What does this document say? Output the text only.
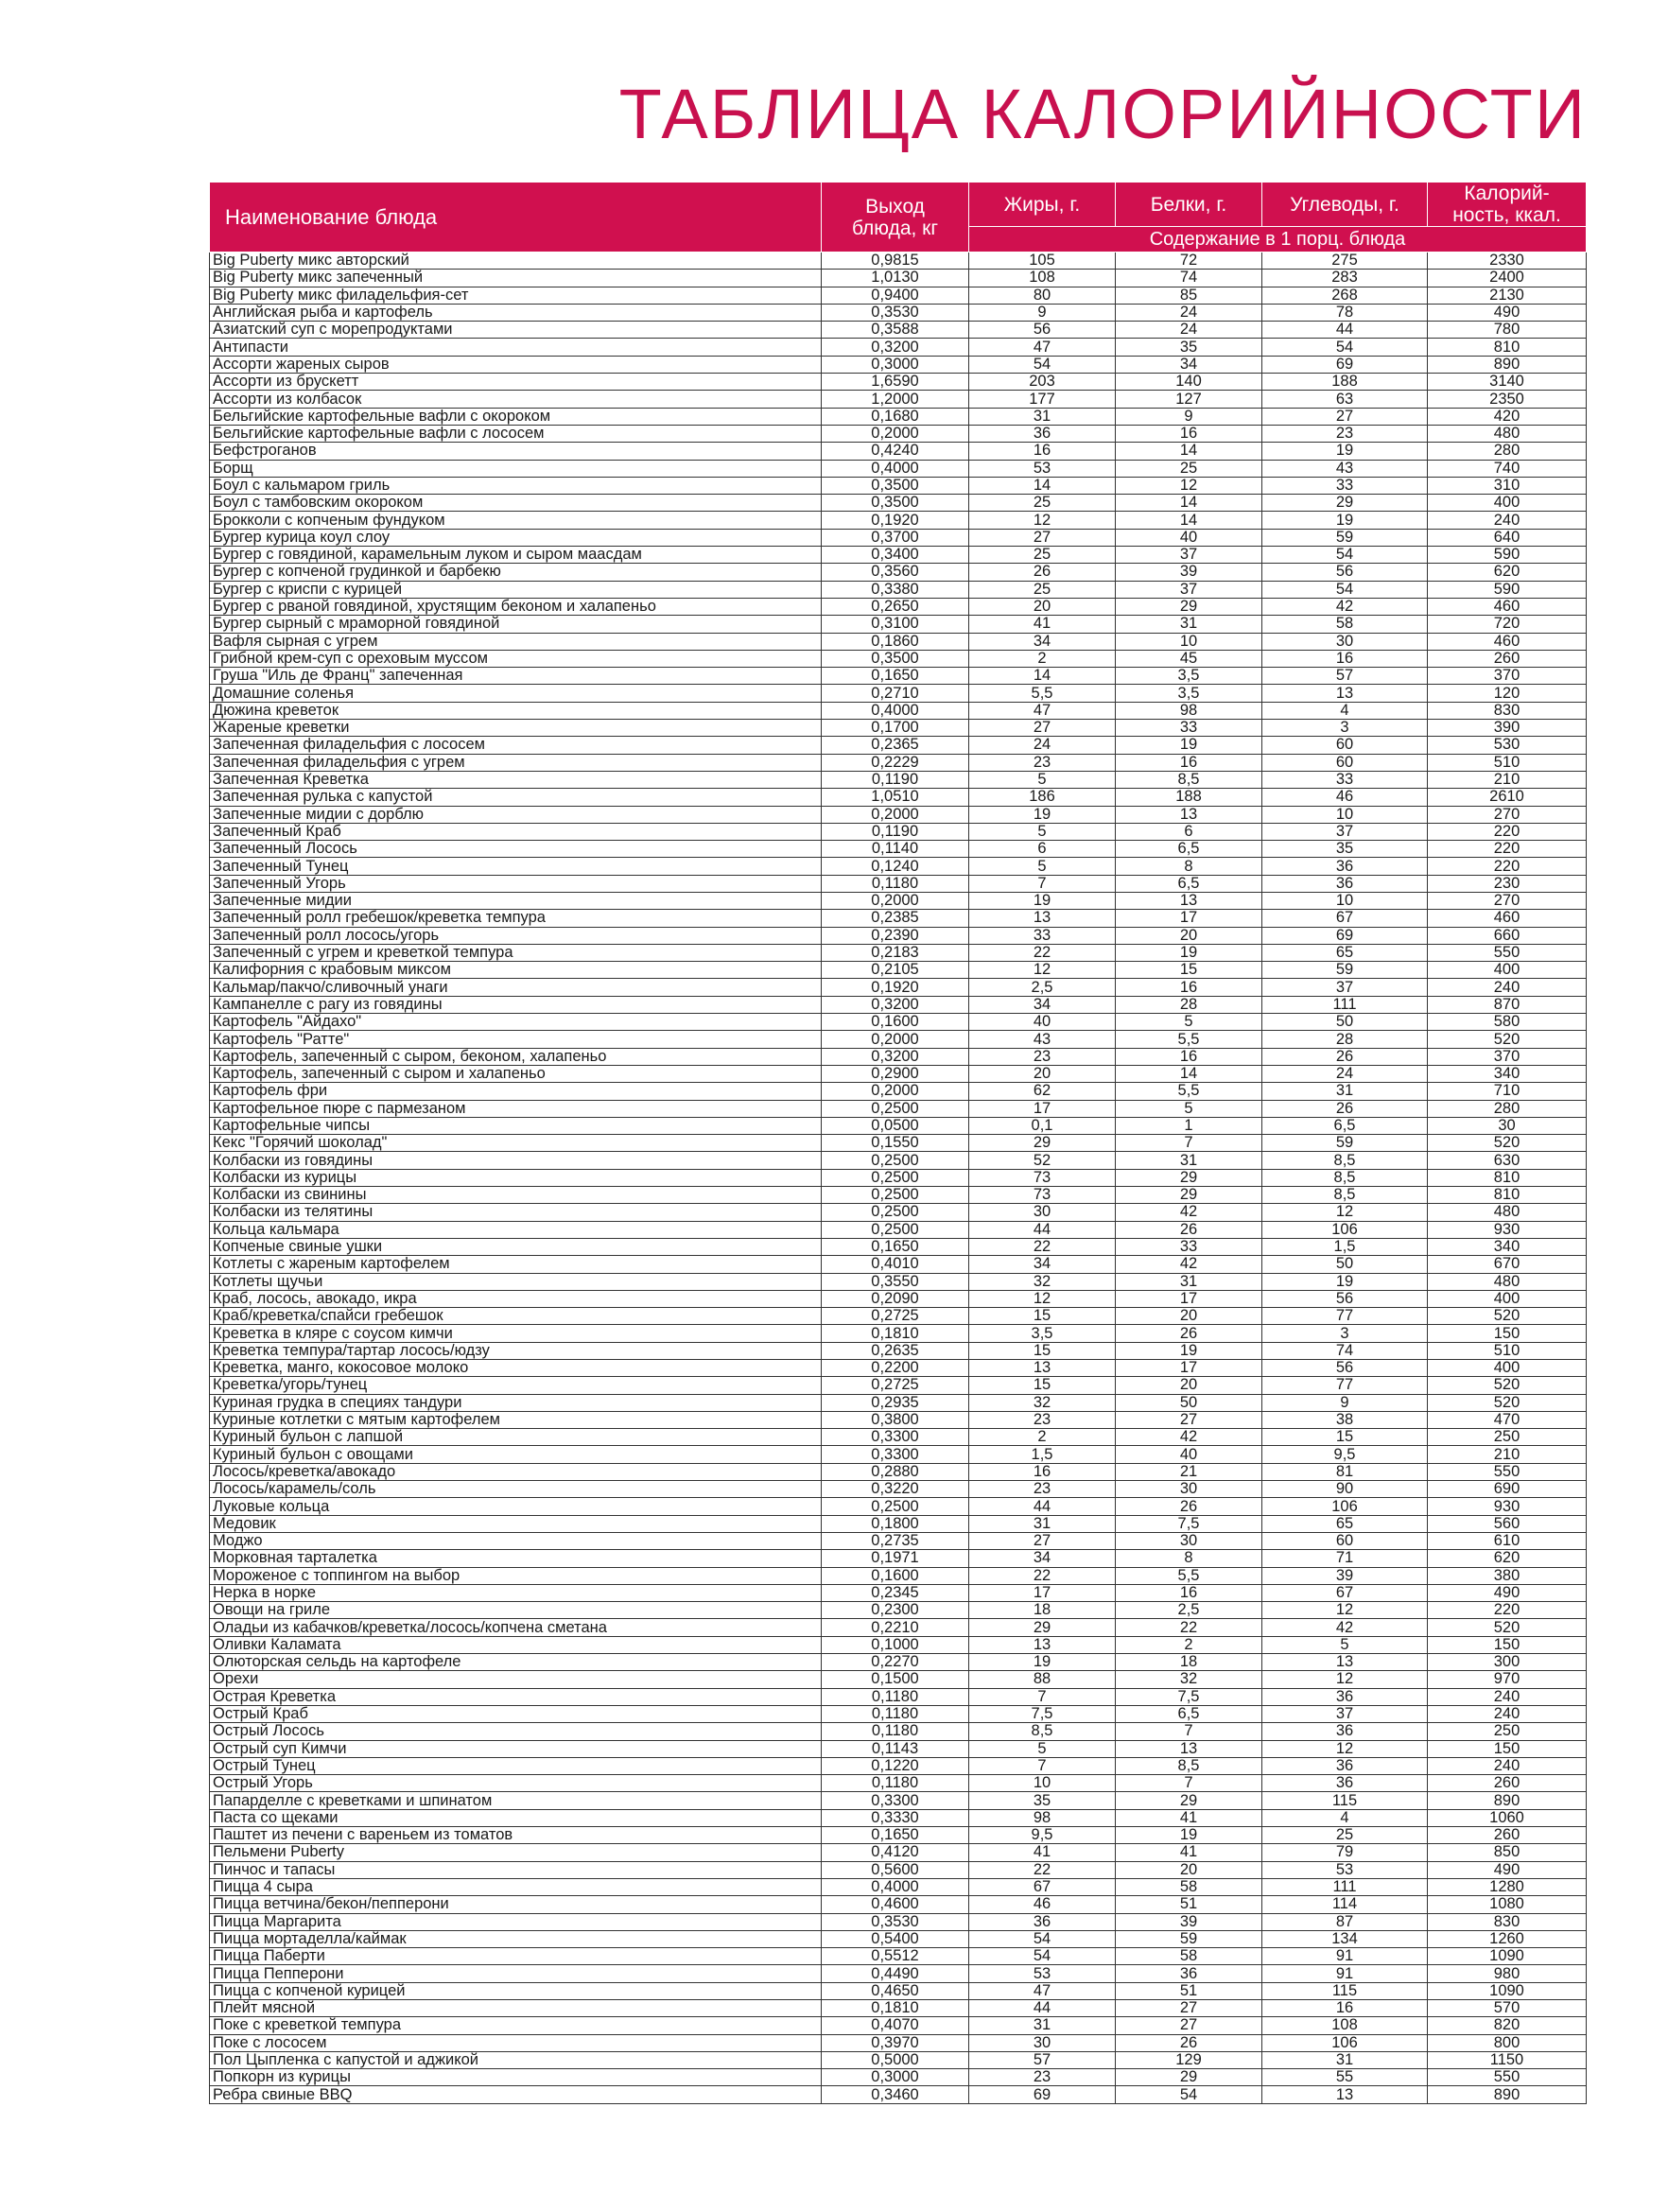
ТАБЛИЦА КАЛОРИЙНОСТИ
Наименование блюда	Выход блюда, кг	Жиры, г.	Белки, г.	Углеводы, г.	Калорий-ность, ккал.
		Содержание в 1 порц. блюда			
Big Puberty микс авторский	0,9815	105	72	275	2330
Big Puberty микс запеченный	1,0130	108	74	283	2400
Big Puberty микс филадельфия-сет	0,9400	80	85	268	2130
Английская рыба и картофель	0,3530	9	24	78	490
Азиатский суп с морепродуктами	0,3588	56	24	44	780
Антипасти	0,3200	47	35	54	810
Ассорти жареных сыров	0,3000	54	34	69	890
Ассорти из брускетт	1,6590	203	140	188	3140
Ассорти из колбасок	1,2000	177	127	63	2350
Бельгийские картофельные вафли с окороком	0,1680	31	9	27	420
Бельгийские картофельные вафли с лососем	0,2000	36	16	23	480
Бефстроганов	0,4240	16	14	19	280
Борщ	0,4000	53	25	43	740
Боул с кальмаром гриль	0,3500	14	12	33	310
Боул с тамбовским окороком	0,3500	25	14	29	400
Брокколи с копченым фундуком	0,1920	12	14	19	240
Бургер курица коул слоу	0,3700	27	40	59	640
Бургер с говядиной, карамельным луком и сыром маасдам	0,3400	25	37	54	590
Бургер с копченой грудинкой и барбекю	0,3560	26	39	56	620
Бургер с криспи с курицей	0,3380	25	37	54	590
Бургер с рваной говядиной, хрустящим беконом и халапеньо	0,2650	20	29	42	460
Бургер сырный с мраморной говядиной	0,3100	41	31	58	720
Вафля сырная с угрем	0,1860	34	10	30	460
Грибной крем-суп с ореховым муссом	0,3500	2	45	16	260
Груша "Иль де Франц" запеченная	0,1650	14	3,5	57	370
Домашние соленья	0,2710	5,5	3,5	13	120
Дюжина креветок	0,4000	47	98	4	830
Жареные креветки	0,1700	27	33	3	390
Запеченная филадельфия с лососем	0,2365	24	19	60	530
Запеченная филадельфия с угрем	0,2229	23	16	60	510
Запеченная Креветка	0,1190	5	8,5	33	210
Запеченная рулька с капустой	1,0510	186	188	46	2610
Запеченные мидии с дорблю	0,2000	19	13	10	270
Запеченный Краб	0,1190	5	6	37	220
Запеченный Лосось	0,1140	6	6,5	35	220
Запеченный Тунец	0,1240	5	8	36	220
Запеченный Угорь	0,1180	7	6,5	36	230
Запеченные мидии	0,2000	19	13	10	270
Запеченный ролл гребешок/креветка темпура	0,2385	13	17	67	460
Запеченный ролл лосось/угорь	0,2390	33	20	69	660
Запеченный с угрем и креветкой темпура	0,2183	22	19	65	550
Калифорния с крабовым миксом	0,2105	12	15	59	400
Кальмар/пакчо/сливочный унаги	0,1920	2,5	16	37	240
Кампанелле с рагу из говядины	0,3200	34	28	111	870
Картофель "Айдахо"	0,1600	40	5	50	580
Картофель "Ратте"	0,2000	43	5,5	28	520
Картофель, запеченный с сыром, беконом, халапеньо	0,3200	23	16	26	370
Картофель, запеченный с сыром и халапеньо	0,2900	20	14	24	340
Картофель фри	0,2000	62	5,5	31	710
Картофельное пюре с пармезаном	0,2500	17	5	26	280
Картофельные чипсы	0,0500	0,1	1	6,5	30
Кекс "Горячий шоколад"	0,1550	29	7	59	520
Колбаски из говядины	0,2500	52	31	8,5	630
Колбаски из курицы	0,2500	73	29	8,5	810
Колбаски из свинины	0,2500	73	29	8,5	810
Колбаски из телятины	0,2500	30	42	12	480
Кольца кальмара	0,2500	44	26	106	930
Копченые свиные ушки	0,1650	22	33	1,5	340
Котлеты с жареным картофелем	0,4010	34	42	50	670
Котлеты щучьи	0,3550	32	31	19	480
Краб, лосось, авокадо, икра	0,2090	12	17	56	400
Краб/креветка/спайси гребешок	0,2725	15	20	77	520
Креветка в кляре с соусом кимчи	0,1810	3,5	26	3	150
Креветка темпура/тартар лосось/юдзу	0,2635	15	19	74	510
Креветка, манго, кокосовое молоко	0,2200	13	17	56	400
Креветка/угорь/тунец	0,2725	15	20	77	520
Куриная грудка в специях тандури	0,2935	32	50	9	520
Куриные котлетки с мятым картофелем	0,3800	23	27	38	470
Куриный бульон с лапшой	0,3300	2	42	15	250
Куриный бульон с овощами	0,3300	1,5	40	9,5	210
Лосось/креветка/авокадо	0,2880	16	21	81	550
Лосось/карамель/соль	0,3220	23	30	90	690
Луковые кольца	0,2500	44	26	106	930
Медовик	0,1800	31	7,5	65	560
Моджо	0,2735	27	30	60	610
Морковная тарталетка	0,1971	34	8	71	620
Мороженое с топпингом на выбор	0,1600	22	5,5	39	380
Нерка в норке	0,2345	17	16	67	490
Овощи на гриле	0,2300	18	2,5	12	220
Оладьи из кабачков/креветка/лосось/копчена сметана	0,2210	29	22	42	520
Оливки Каламата	0,1000	13	2	5	150
Олюторская сельдь на картофеле	0,2270	19	18	13	300
Орехи	0,1500	88	32	12	970
Острая Креветка	0,1180	7	7,5	36	240
Острый Краб	0,1180	7,5	6,5	37	240
Острый Лосось	0,1180	8,5	7	36	250
Острый суп Кимчи	0,1143	5	13	12	150
Острый Тунец	0,1220	7	8,5	36	240
Острый Угорь	0,1180	10	7	36	260
Папарделле с креветками и шпинатом	0,3300	35	29	115	890
Паста со щеками	0,3330	98	41	4	1060
Паштет из печени с вареньем из томатов	0,1650	9,5	19	25	260
Пельмени Puberty	0,4120	41	41	79	850
Пинчос и тапасы	0,5600	22	20	53	490
Пицца 4 сыра	0,4000	67	58	111	1280
Пицца ветчина/бекон/пепперони	0,4600	46	51	114	1080
Пицца Маргарита	0,3530	36	39	87	830
Пицца мортаделла/каймак	0,5400	54	59	134	1260
Пицца Паберти	0,5512	54	58	91	1090
Пицца Пепперони	0,4490	53	36	91	980
Пицца с копченой курицей	0,4650	47	51	115	1090
Плейт мясной	0,1810	44	27	16	570
Поке с креветкой темпура	0,4070	31	27	108	820
Поке с лососем	0,3970	30	26	106	800
Пол Цыпленка с капустой и аджикой	0,5000	57	129	31	1150
Попкорн из курицы	0,3000	23	29	55	550
Ребра свиные BBQ	0,3460	69	54	13	890
